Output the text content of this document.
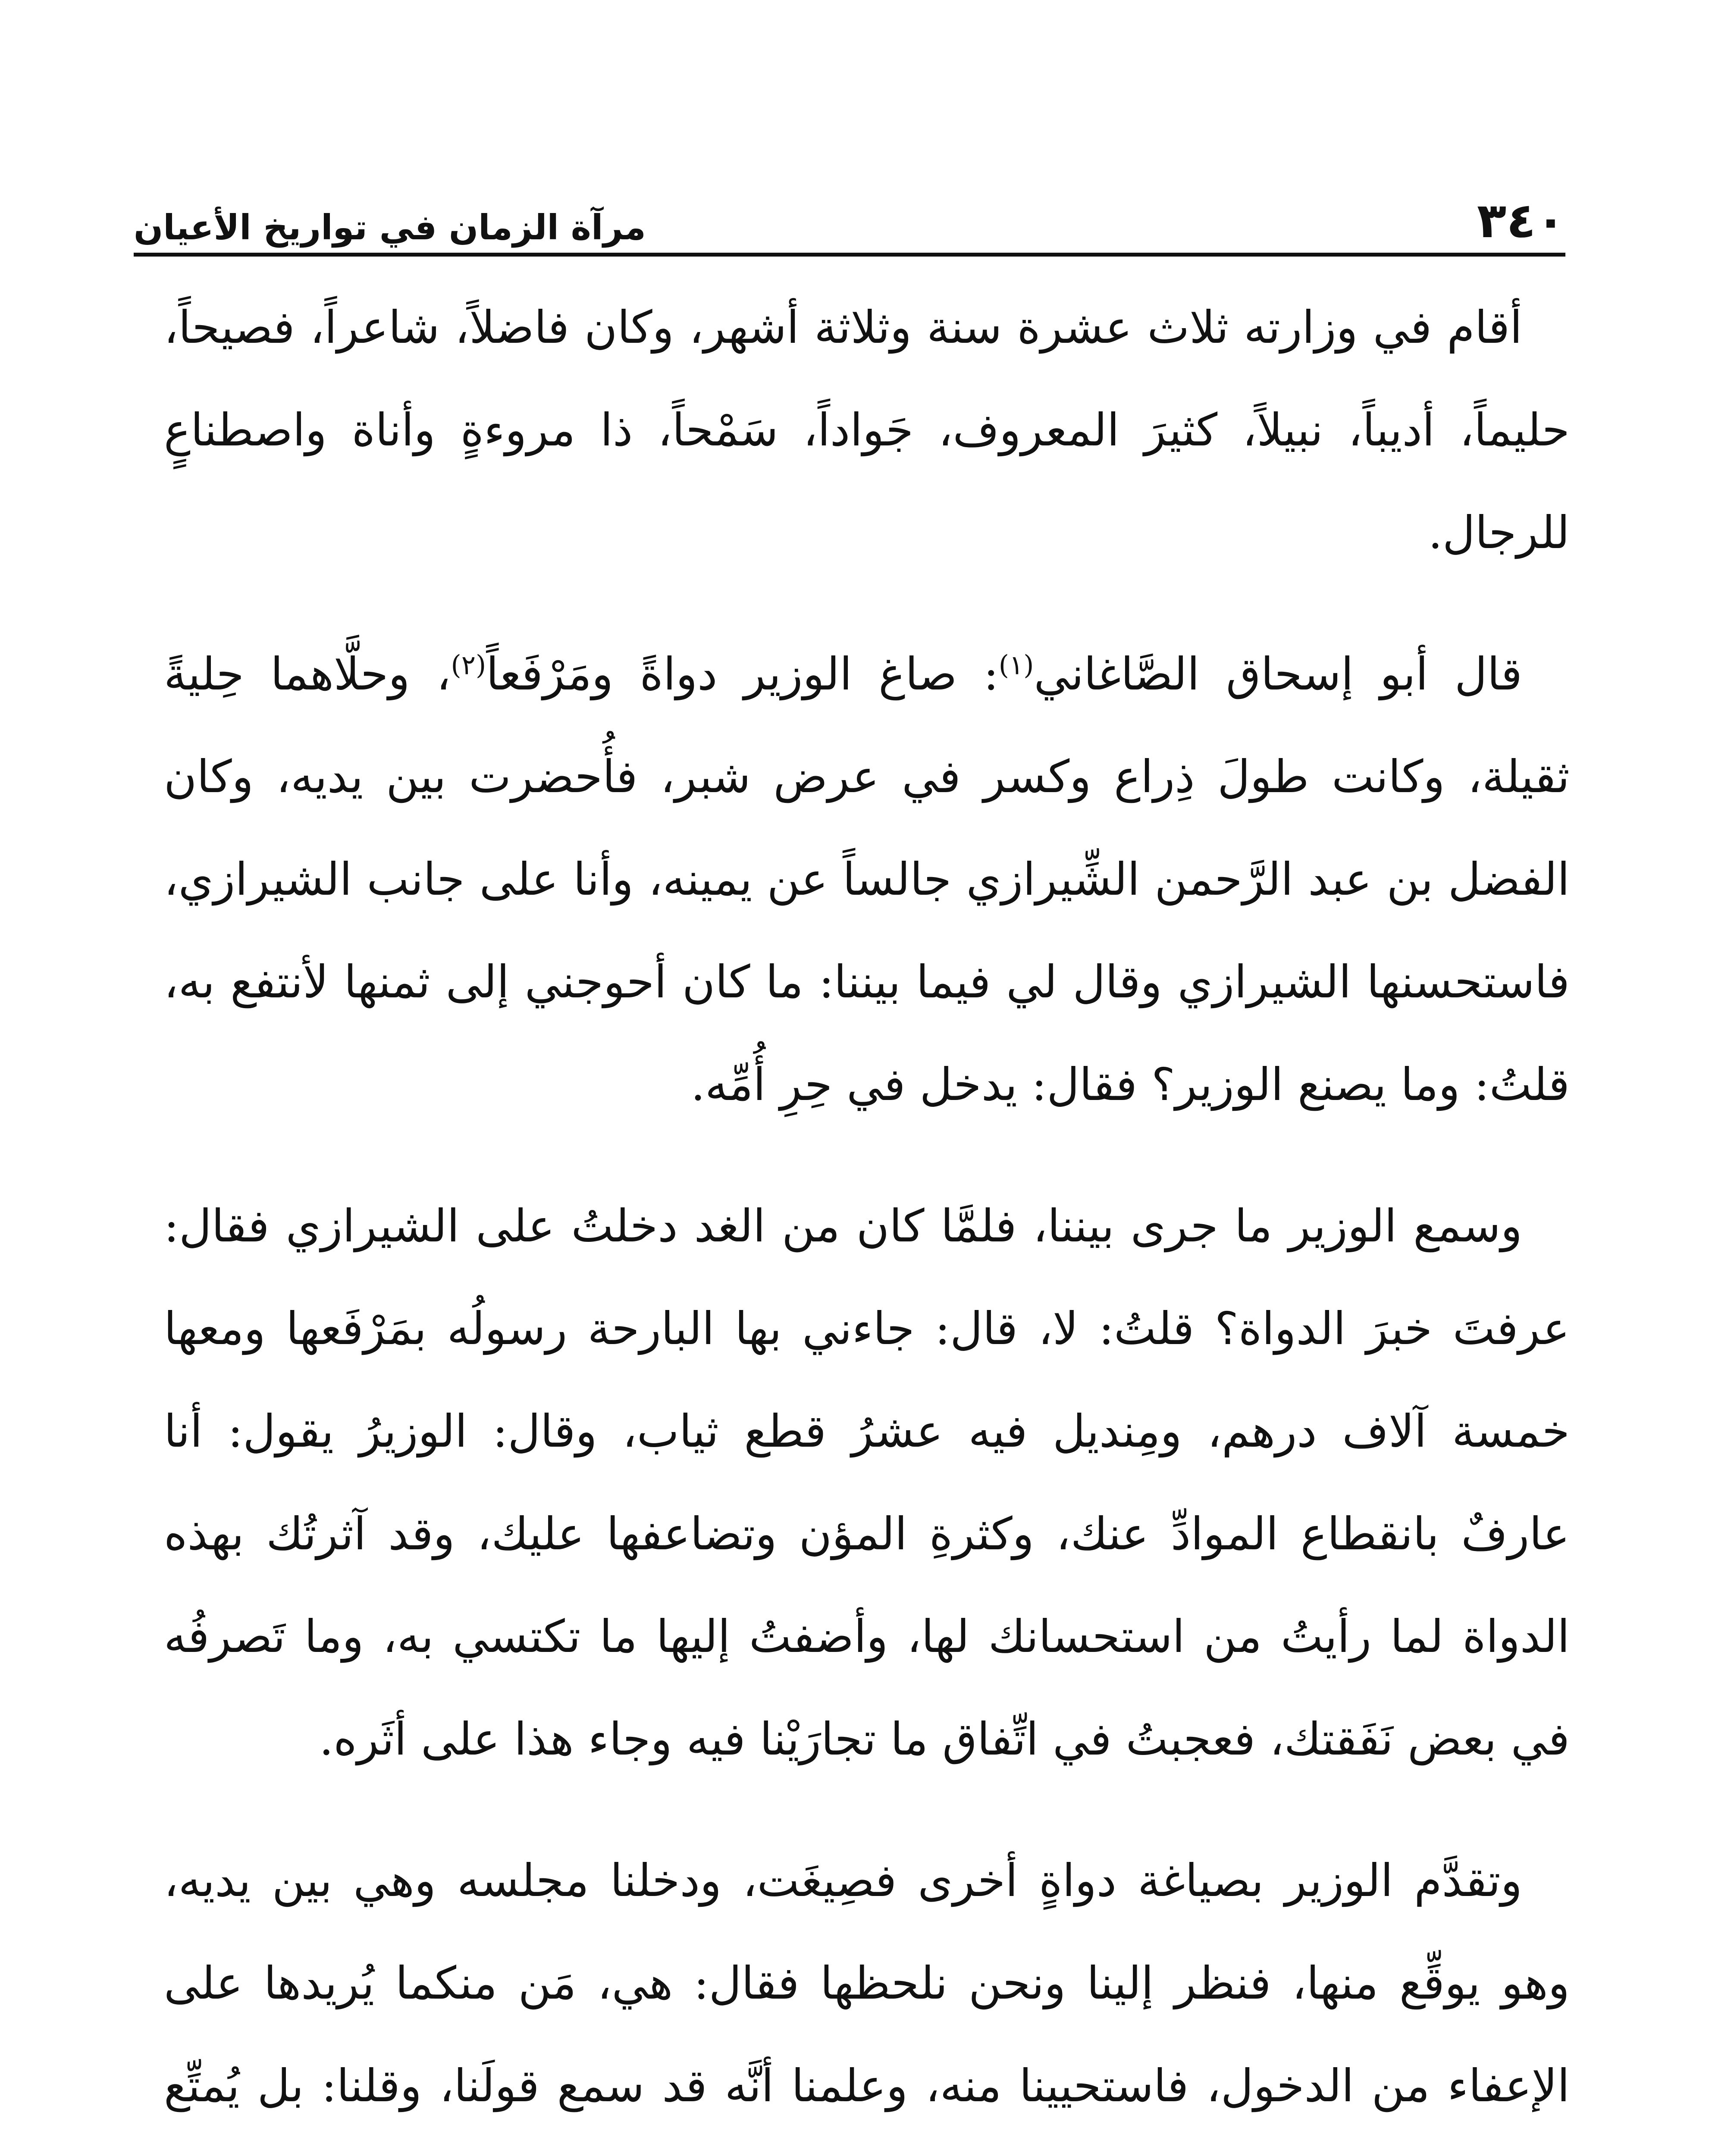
٣٤٠
مرآة الزمان في تواريخ الأعيان

أقام في وزارته ثلاث عشرة سنة وثلاثة أشهر، وكان فاضلاً، شاعراً، فصيحاً، حليماً، أديباً، نبيلاً، كثيرَ المعروف، جَواداً، سَمْحاً، ذا مروءةٍ وأناة واصطناعٍ للرجال.

قال أبو إسحاق الصَّاغاني$^{(١)}$: صاغ الوزير دواةً ومَرْفَعاً$^{(٢)}$، وحلَّاهما حِليةً ثقيلة، وكانت طولَ ذِراع وكسر في عرض شبر، فأُحضرت بين يديه، وكان الفضل بن عبد الرَّحمن الشِّيرازي جالساً عن يمينه، وأنا على جانب الشيرازي، فاستحسنها الشيرازي وقال لي فيما بيننا: ما كان أحوجني إلى ثمنها لأنتفع به، قلتُ: وما يصنع الوزير؟ فقال: يدخل في حِرِ أُمِّه.

وسمع الوزير ما جرى بيننا، فلمَّا كان من الغد دخلتُ على الشيرازي فقال: عرفتَ خبرَ الدواة؟ قلتُ: لا، قال: جاءني بها البارحة رسولُه بمَرْفَعها ومعها خمسة آلاف درهم، ومِنديل فيه عشرُ قطع ثياب، وقال: الوزيرُ يقول: أنا عارفٌ بانقطاع الموادِّ عنك، وكثرةِ المؤن وتضاعفها عليك، وقد آثرتُك بهذه الدواة لما رأيتُ من استحسانك لها، وأضفتُ إليها ما تكتسي به، وما تَصرفُه في بعض نَفَقتك، فعجبتُ في اتِّفاق ما تجارَيْنا فيه وجاء هذا على أثَره.

وتقدَّم الوزير بصياغة دواةٍ أخرى فصِيغَت، ودخلنا مجلسه وهي بين يديه، وهو يوقِّع منها، فنظر إلينا ونحن نلحظها فقال: هي، مَن منكما يُريدها على الإعفاء من الدخول، فاستحيينا منه، وعلمنا أنَّه قد سمع قولَنا، وقلنا: بل يُمتِّع
